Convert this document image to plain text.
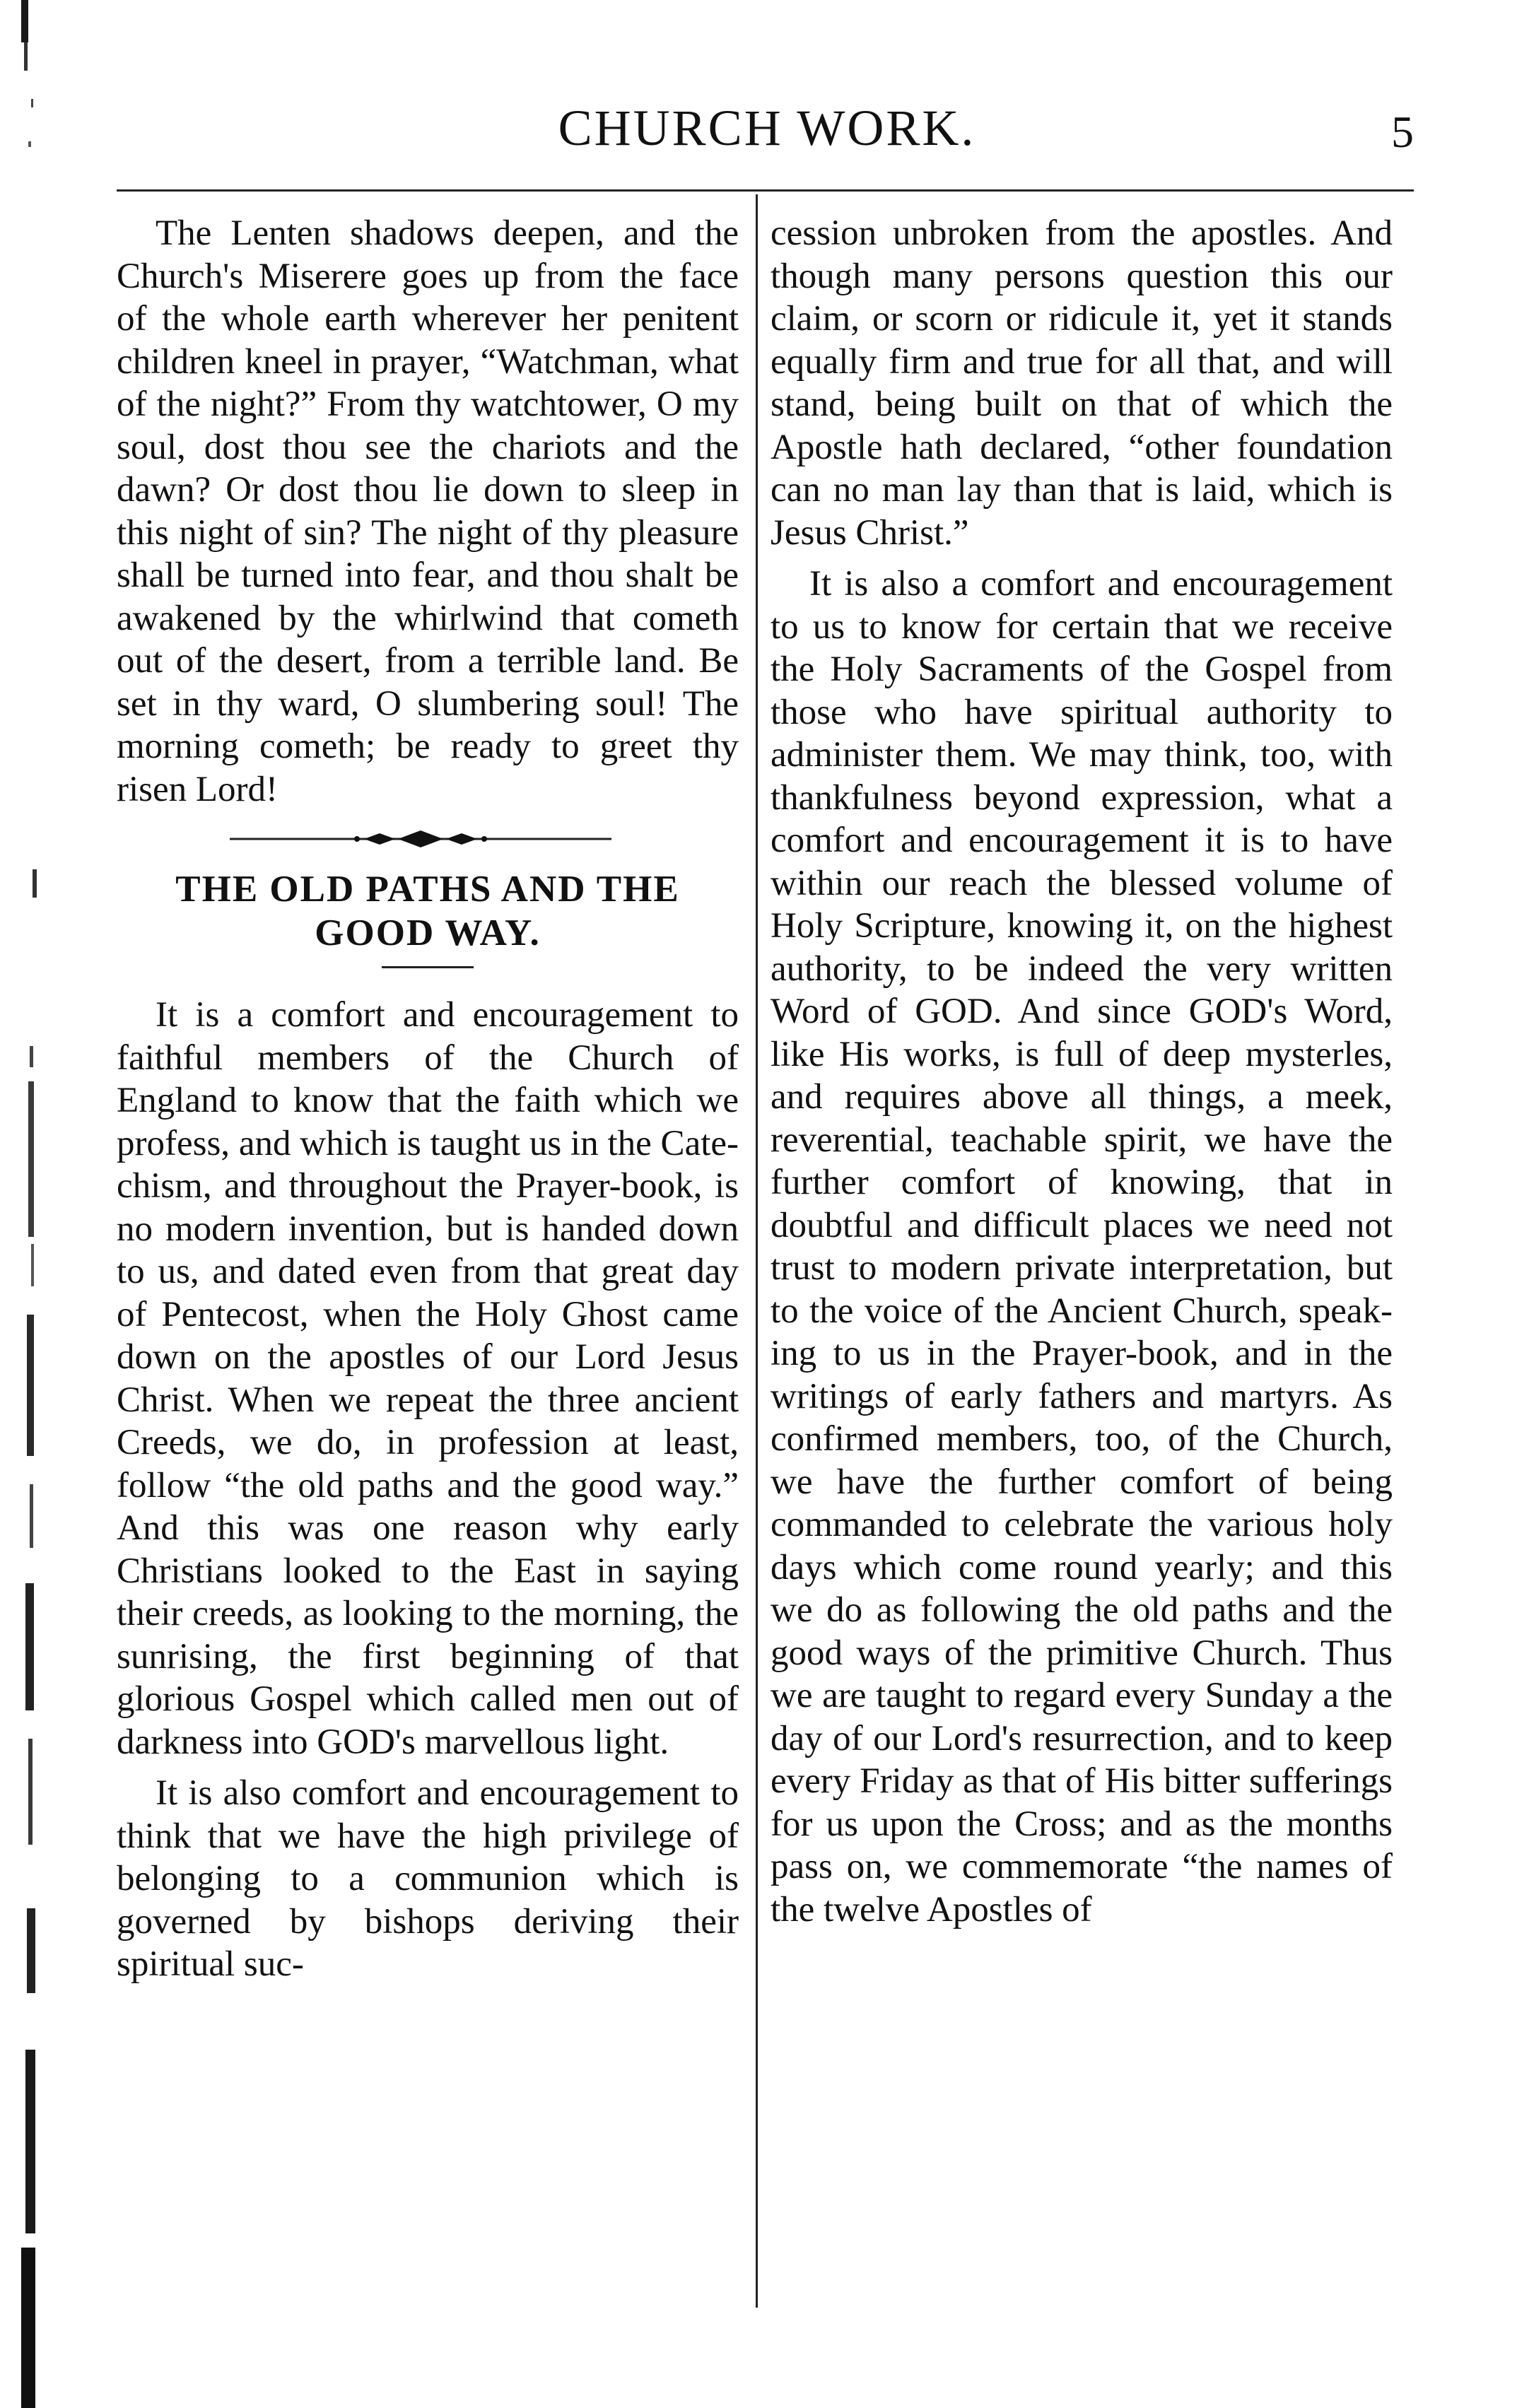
CHURCH WORK.	5

The Lenten shadows deepen, and the Church's Miserere goes up from the face of the whole earth wherever her penitent children kneel in prayer, “Watchman, what of the night?” From thy watchtower, O my soul, dost thou see the chariots and the dawn? Or dost thou lie down to sleep in this night of sin? The night of thy pleasure shall be turned into fear, and thou shalt be awakened by the whirlwind that cometh out of the desert, from a terrible land. Be set in thy ward, O slumbering soul! The morning cometh; be ready to greet thy risen Lord!

THE OLD PATHS AND THE GOOD WAY.

It is a comfort and encouragement to faithful members of the Church of England to know that the faith which we profess, and which is taught us in the Catechism, and throughout the Prayer-book, is no modern invention, but is handed down to us, and dated even from that great day of Pentecost, when the Holy Ghost came down on the apostles of our Lord Jesus Christ. When we repeat the three ancient Creeds, we do, in profession at least, follow “the old paths and the good way.” And this was one reason why early Christians looked to the East in saying their creeds, as looking to the morning, the sunrising, the first beginning of that glorious Gospel which called men out of darkness into GOD's marvellous light.

It is also comfort and encouragement to think that we have the high privilege of belonging to a communion which is governed by bishops deriving their spiritual suc-

cession unbroken from the apostles. And though many persons question this our claim, or scorn or ridicule it, yet it stands equally firm and true for all that, and will stand, being built on that of which the Apostle hath declared, “other foundation can no man lay than that is laid, which is Jesus Christ.”

It is also a comfort and encouragement to us to know for certain that we receive the Holy Sacraments of the Gospel from those who have spiritual authority to administer them. We may think, too, with thankfulness beyond expression, what a comfort and encouragement it is to have within our reach the blessed volume of Holy Scripture, knowing it, on the highest authority, to be indeed the very written Word of GOD. And since GOD's Word, like His works, is full of deep mysterles, and requires above all things, a meek, reverential, teachable spirit, we have the further comfort of knowing, that in doubtful and difficult places we need not trust to modern private interpretation, but to the voice of the Ancient Church, speaking to us in the Prayer-book, and in the writings of early fathers and martyrs. As confirmed members, too, of the Church, we have the further comfort of being commanded to celebrate the various holy days which come round yearly; and this we do as following the old paths and the good ways of the primitive Church. Thus we are taught to regard every Sunday a the day of our Lord's resurrection, and to keep every Friday as that of His bitter sufferings for us upon the Cross; and as the months pass on, we commemorate “the names of the twelve Apostles of
